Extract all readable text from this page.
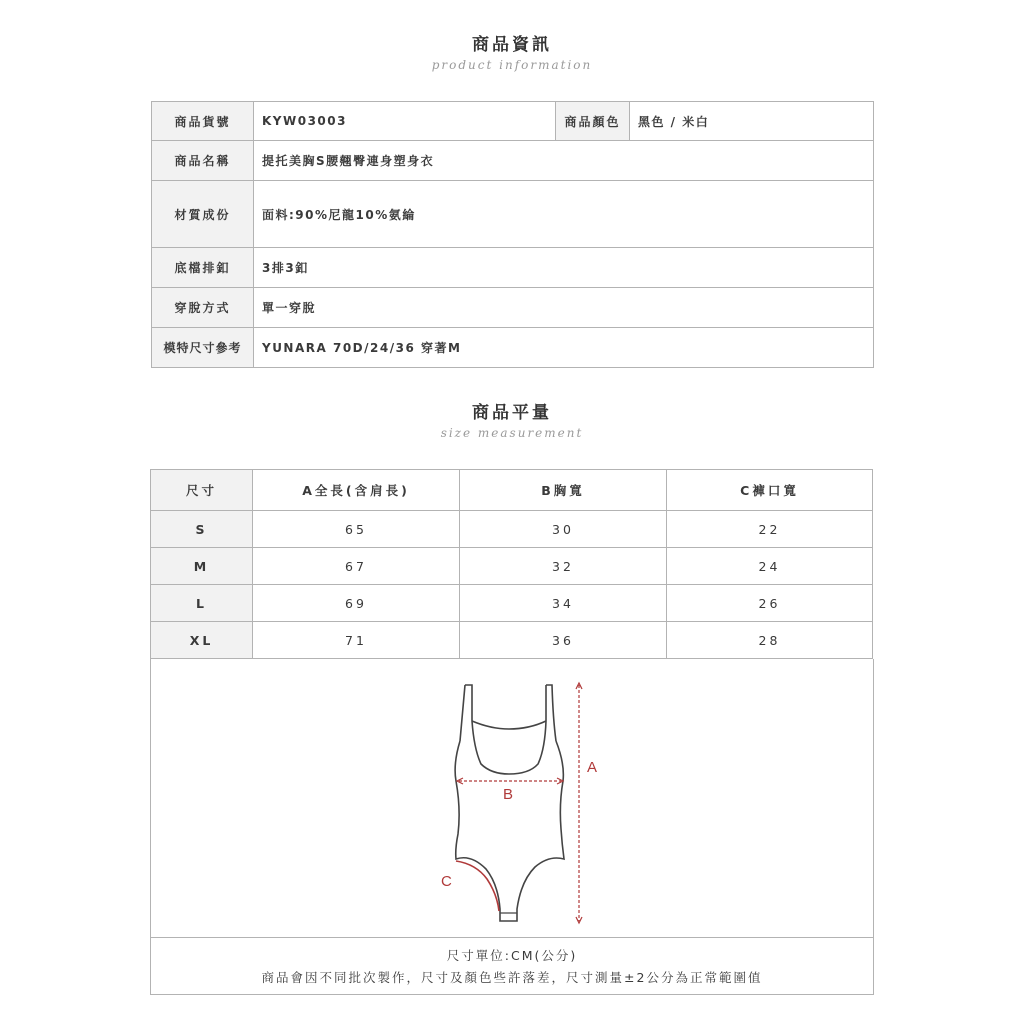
商品資訊
product information
商品貨號	KYW03003	商品顏色	黑色 / 米白
商品名稱	提托美胸S腰翹臀連身塑身衣		
材質成份	面料:90%尼龍10%氨綸		
底檔排釦	3排3釦		
穿脫方式	單一穿脫		
模特尺寸參考	YUNARA 70D/24/36 穿著M		
商品平量
size measurement
尺寸	A全長(含肩長)	B胸寬	C褲口寬
S	65	30	22
M	67	32	24
L	69	34	26
XL	71	36	28
A
B
C
尺寸單位:CM(公分)
商品會因不同批次製作，尺寸及顏色些許落差，尺寸測量±2公分為正常範圍值
